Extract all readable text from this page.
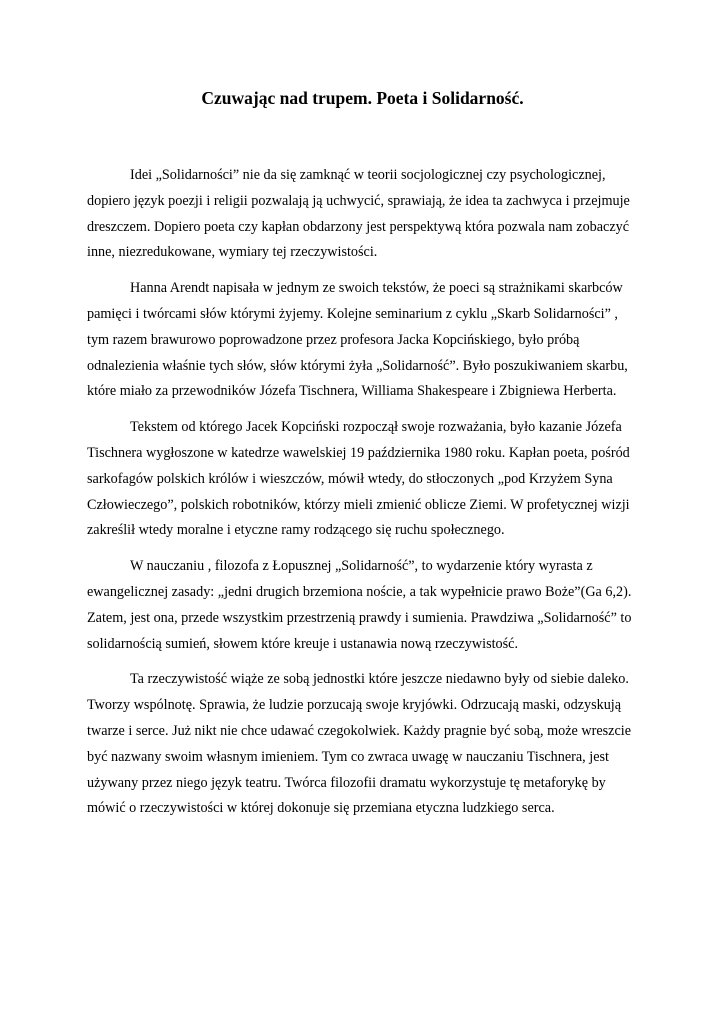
Czuwając nad trupem. Poeta i Solidarność.

Idei „Solidarności” nie da się zamknąć w teorii socjologicznej czy psychologicznej, dopiero język poezji i religii pozwalają ją uchwycić, sprawiają, że idea ta zachwyca i przejmuje dreszczem. Dopiero poeta czy kapłan obdarzony jest perspektywą która pozwala nam zobaczyć inne, niezredukowane, wymiary tej rzeczywistości.

Hanna Arendt napisała w jednym ze swoich tekstów, że poeci są strażnikami skarbców pamięci i twórcami słów którymi żyjemy. Kolejne seminarium z cyklu „Skarb Solidarności” , tym razem brawurowo poprowadzone przez profesora Jacka Kopcińskiego, było próbą odnalezienia właśnie tych słów, słów którymi żyła „Solidarność”. Było poszukiwaniem skarbu, które miało za przewodników Józefa Tischnera, Williama Shakespeare i Zbigniewa Herberta.

Tekstem od którego Jacek Kopciński rozpoczął swoje rozważania, było kazanie Józefa Tischnera wygłoszone w katedrze wawelskiej 19 października 1980 roku. Kapłan poeta, pośród sarkofagów polskich królów i wieszczów, mówił wtedy, do stłoczonych „pod Krzyżem Syna Człowieczego”, polskich robotników, którzy mieli zmienić oblicze Ziemi. W profetycznej wizji zakreślił wtedy moralne i etyczne ramy rodzącego się ruchu społecznego.

W nauczaniu , filozofa z Łopusznej „Solidarność”, to wydarzenie który wyrasta z ewangelicznej zasady: „jedni drugich brzemiona noście, a tak wypełnicie prawo Boże”(Ga 6,2). Zatem, jest ona, przede wszystkim przestrzenią prawdy i sumienia. Prawdziwa „Solidarność” to solidarnością sumień, słowem które kreuje i ustanawia nową rzeczywistość.

Ta rzeczywistość wiąże ze sobą jednostki które jeszcze niedawno były od siebie daleko. Tworzy wspólnotę. Sprawia, że ludzie porzucają swoje kryjówki. Odrzucają maski, odzyskują twarze i serce. Już nikt nie chce udawać czegokolwiek. Każdy pragnie być sobą, może wreszcie być nazwany swoim własnym imieniem. Tym co zwraca uwagę w nauczaniu Tischnera, jest używany przez niego język teatru. Twórca filozofii dramatu wykorzystuje tę metaforykę by mówić o rzeczywistości w której dokonuje się przemiana etyczna ludzkiego serca.
